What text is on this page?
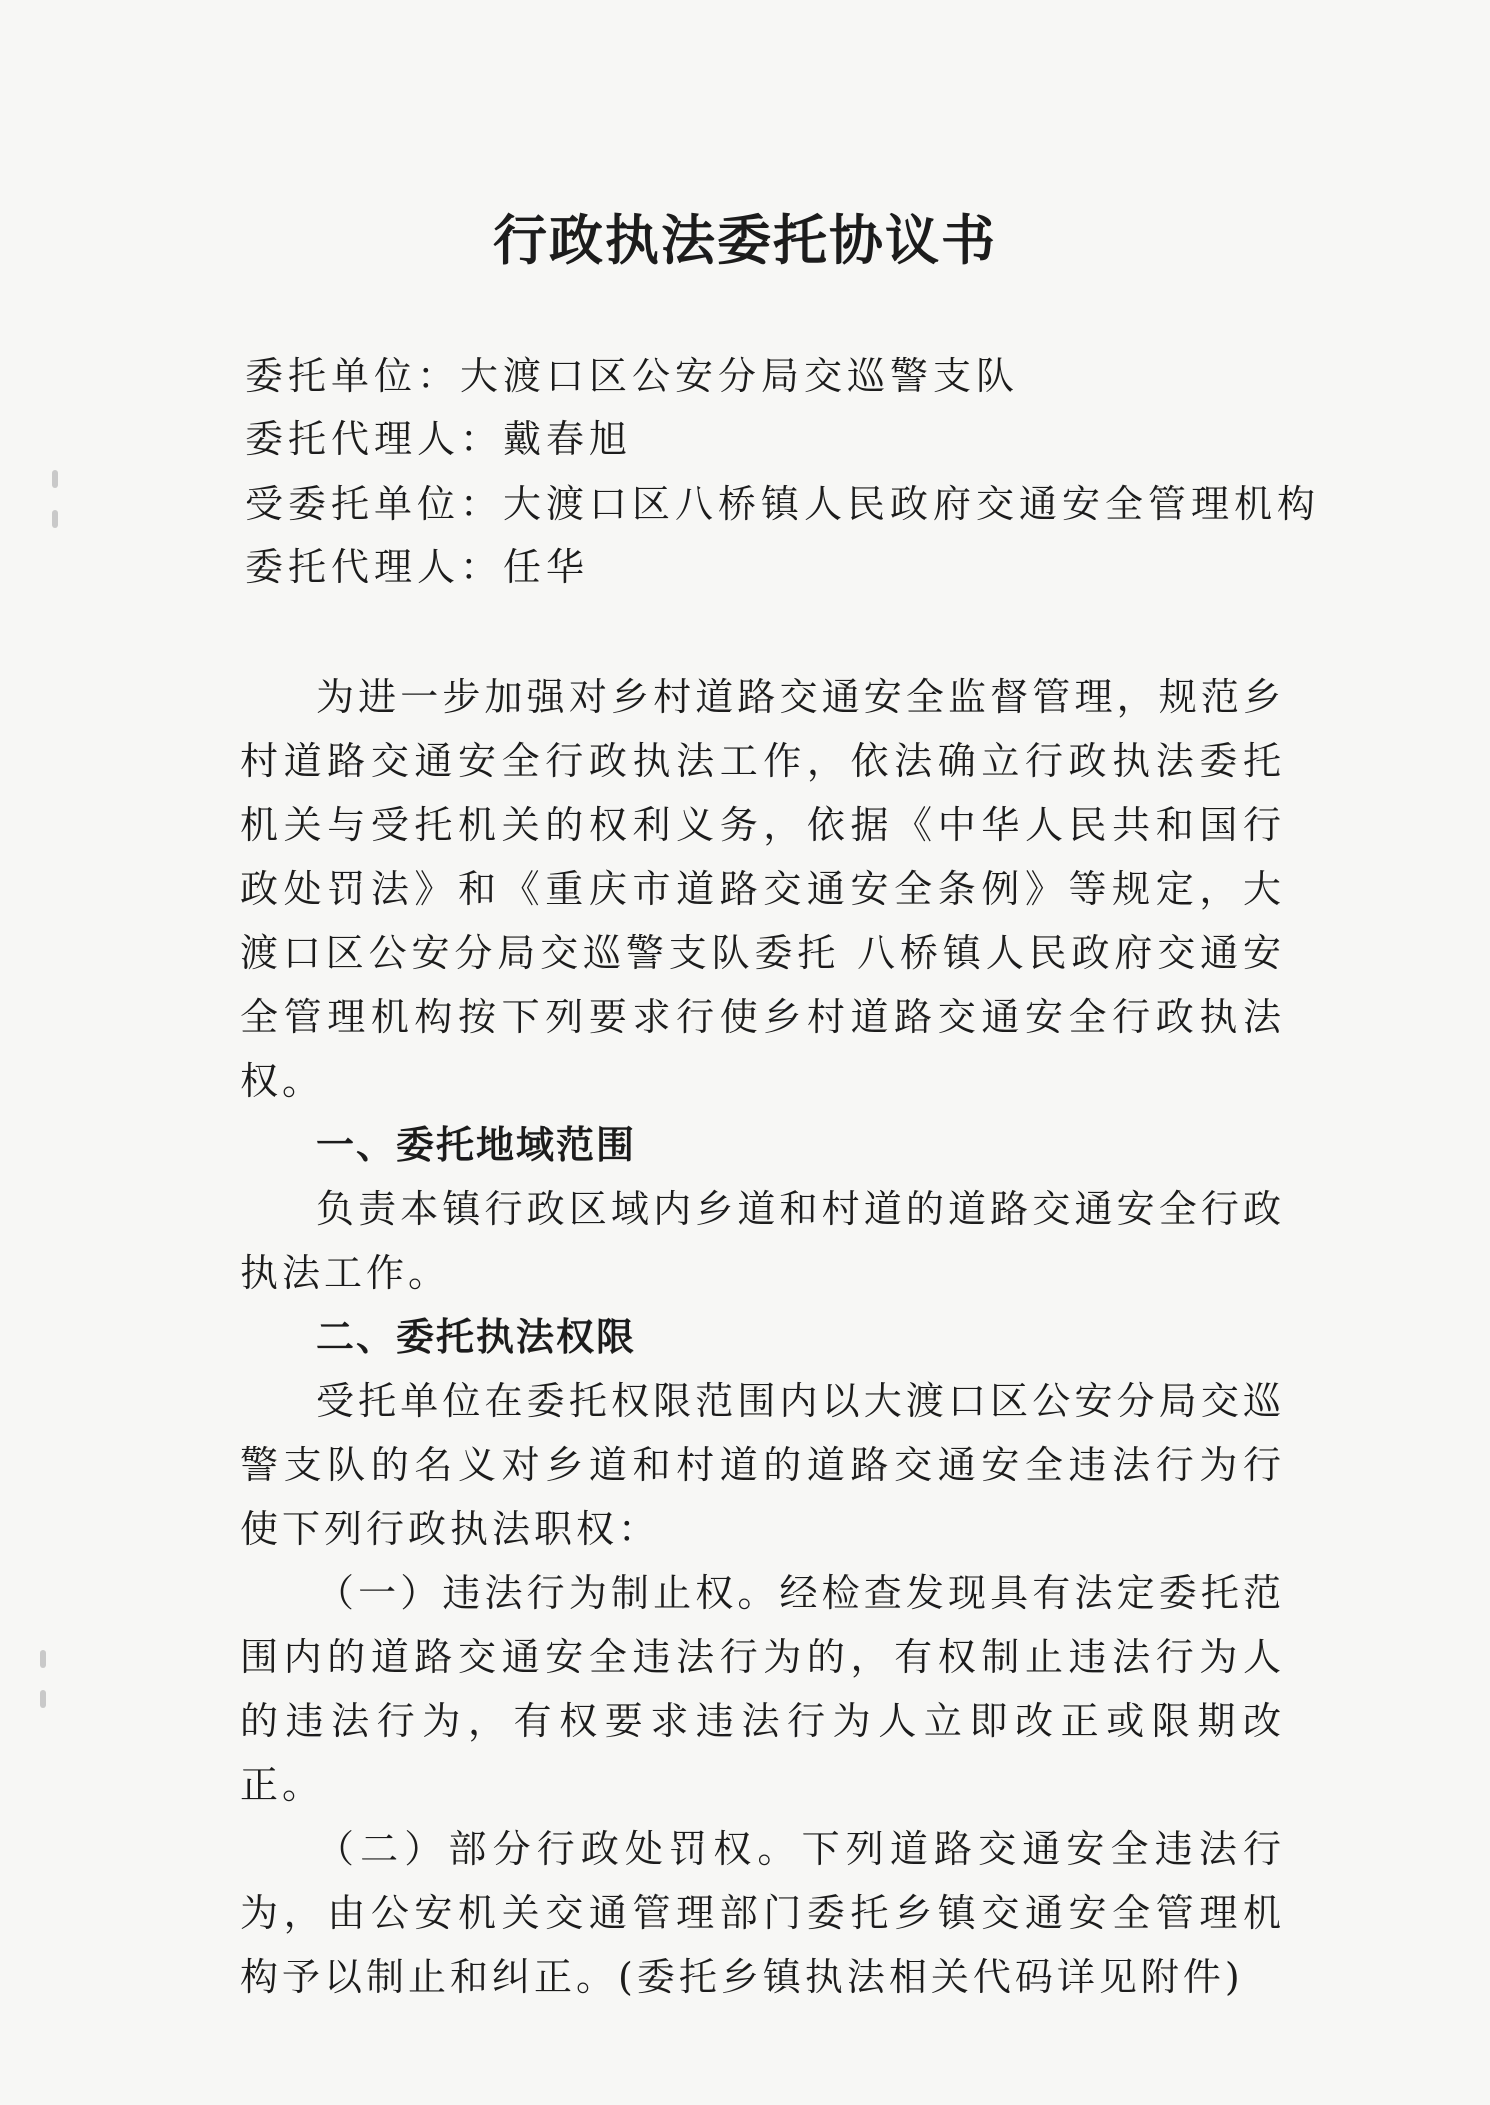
行政执法委托协议书
委托单位：大渡口区公安分局交巡警支队
委托代理人：戴春旭
受委托单位：大渡口区八桥镇人民政府交通安全管理机构
委托代理人：任华

为进一步加强对乡村道路交通安全监督管理，规范乡村道路交通安全行政执法工作，依法确立行政执法委托机关与受托机关的权利义务，依据《中华人民共和国行政处罚法》和《重庆市道路交通安全条例》等规定，大渡口区公安分局交巡警支队委托 八桥镇人民政府交通安全管理机构按下列要求行使乡村道路交通安全行政执法权。

一、委托地域范围

负责本镇行政区域内乡道和村道的道路交通安全行政执法工作。

二、委托执法权限

受托单位在委托权限范围内以大渡口区公安分局交巡警支队的名义对乡道和村道的道路交通安全违法行为行使下列行政执法职权：

（一）违法行为制止权。经检查发现具有法定委托范围内的道路交通安全违法行为的，有权制止违法行为人的违法行为，有权要求违法行为人立即改正或限期改正。

（二）部分行政处罚权。下列道路交通安全违法行为，由公安机关交通管理部门委托乡镇交通安全管理机构予以制止和纠正。(委托乡镇执法相关代码详见附件)
